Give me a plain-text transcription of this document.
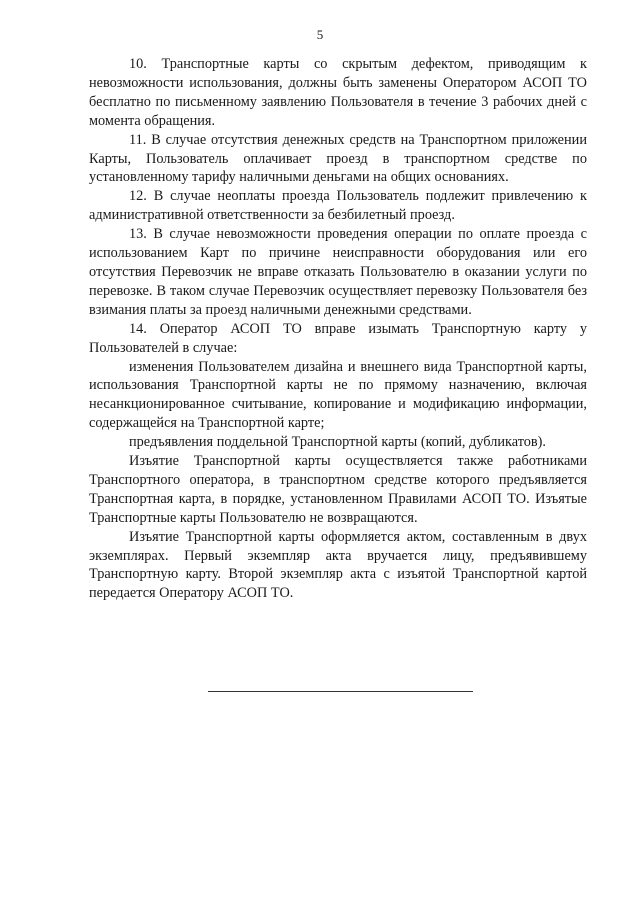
5

10. Транспортные карты со скрытым дефектом, приводящим к невозможности использования, должны быть заменены Оператором АСОП ТО бесплатно по письменному заявлению Пользователя в течение 3 рабочих дней с момента обращения.

11. В случае отсутствия денежных средств на Транспортном приложении Карты, Пользователь оплачивает проезд в транспортном средстве по установленному тарифу наличными деньгами на общих основаниях.

12. В случае неоплаты проезда Пользователь подлежит привлечению к административной ответственности за безбилетный проезд.

13. В случае невозможности проведения операции по оплате проезда с использованием Карт по причине неисправности оборудования или его отсутствия Перевозчик не вправе отказать Пользователю в оказании услуги по перевозке. В таком случае Перевозчик осуществляет перевозку Пользователя без взимания платы за проезд наличными денежными средствами.

14. Оператор АСОП ТО вправе изымать Транспортную карту у Пользователей в случае:

изменения Пользователем дизайна и внешнего вида Транспортной карты, использования Транспортной карты не по прямому назначению, включая несанкционированное считывание, копирование и модификацию информации, содержащейся на Транспортной карте;

предъявления поддельной Транспортной карты (копий, дубликатов).

Изъятие Транспортной карты осуществляется также работниками Транспортного оператора, в транспортном средстве которого предъявляется Транспортная карта, в порядке, установленном Правилами АСОП ТО. Изъятые Транспортные карты Пользователю не возвращаются.

Изъятие Транспортной карты оформляется актом, составленным в двух экземплярах. Первый экземпляр акта вручается лицу, предъявившему Транспортную карту. Второй экземпляр акта с изъятой Транспортной картой передается Оператору АСОП ТО.
